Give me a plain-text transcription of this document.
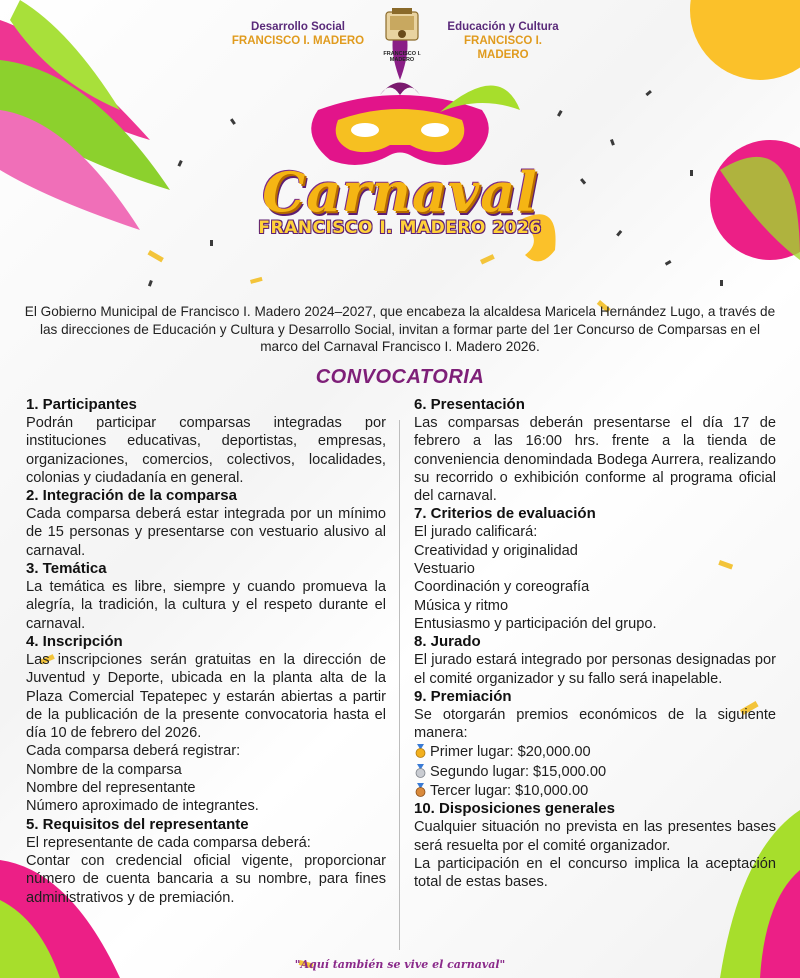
Desarrollo Social
FRANCISCO I. MADERO
FRANCISCO I. MADERO
Educación y Cultura
FRANCISCO I. MADERO
Carnaval
FRANCISCO I. MADERO 2026
El Gobierno Municipal de Francisco I. Madero 2024–2027, que encabeza la alcaldesa Maricela Hernández Lugo, a través de las direcciones de Educación y Cultura y Desarrollo Social, invitan a formar parte del 1er Concurso de Comparsas en el marco del Carnaval Francisco I. Madero 2026.
CONVOCATORIA
1. Participantes
Podrán participar comparsas integradas por instituciones educativas, deportistas, empresas, organizaciones, comercios, colectivos, localidades, colonias y ciudadanía en general.
2. Integración de la comparsa
Cada comparsa deberá estar integrada por un mínimo de 15 personas y presentarse con vestuario alusivo al carnaval.
3. Temática
La temática es libre, siempre y cuando promueva la alegría, la tradición, la cultura y el respeto durante el carnaval.
4. Inscripción
Las inscripciones serán gratuitas en la dirección de Juventud y Deporte, ubicada en la planta alta de la Plaza Comercial Tepatepec y estarán abiertas a partir de la publicación de la presente convocatoria hasta el día 10 de febrero del 2026.
Cada comparsa deberá registrar:
Nombre de la comparsa
Nombre del representante
Número aproximado de integrantes.
5. Requisitos del representante
El representante de cada comparsa deberá:
Contar con credencial oficial vigente, proporcionar número de cuenta bancaria a su nombre, para fines administrativos y de premiación.
6. Presentación
Las comparsas deberán presentarse el día 17 de febrero a las 16:00 hrs. frente a la tienda de conveniencia denomindada Bodega Aurrera, realizando su recorrido o exhibición conforme al programa oficial del carnaval.
7. Criterios de evaluación
El jurado calificará:
Creatividad y originalidad
Vestuario
Coordinación y coreografía
Música y ritmo
Entusiasmo y participación del grupo.
8. Jurado
El jurado estará integrado por personas designadas por el comité organizador y su fallo será inapelable.
9. Premiación
Se otorgarán premios económicos de la siguiente manera:
Primer lugar: $20,000.00
Segundo lugar: $15,000.00
Tercer lugar: $10,000.00
10. Disposiciones generales
Cualquier situación no prevista en las presentes bases será resuelta por el comité organizador.
La participación en el concurso implica la aceptación total de estas bases.
"Aquí también se vive el carnaval"
